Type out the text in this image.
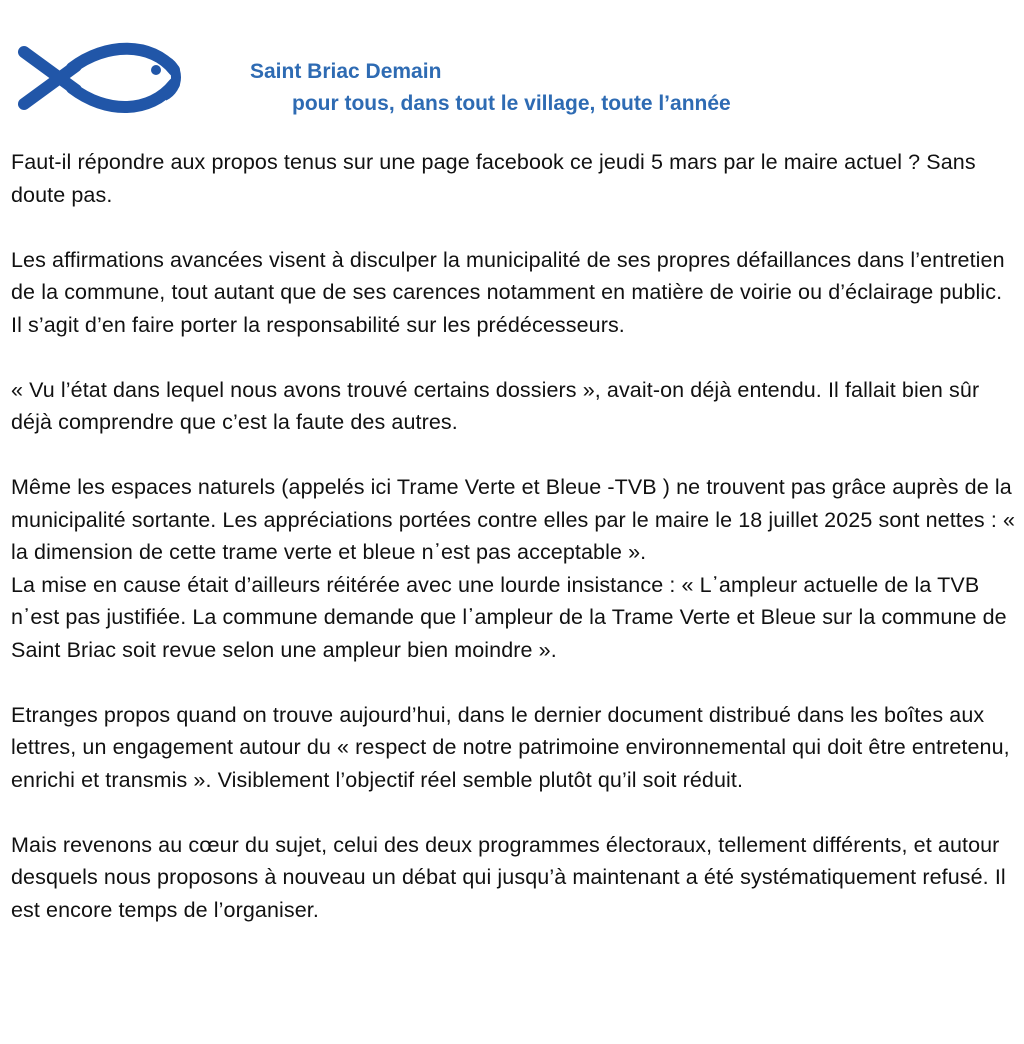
Saint Briac Demain
pour tous, dans tout le village, toute l’année

Faut-il répondre aux propos tenus sur une page facebook ce jeudi 5 mars par le maire actuel ? Sans doute pas.

Les affirmations avancées visent à disculper la municipalité de ses propres défaillances dans l’entretien de la commune, tout autant que de ses carences notamment en matière de voirie ou d’éclairage public. Il s’agit d’en faire porter la responsabilité sur les prédécesseurs.

« Vu l’état dans lequel nous avons trouvé certains dossiers », avait-on déjà entendu. Il fallait bien sûr déjà comprendre que c’est la faute des autres.

Même les espaces naturels (appelés ici Trame Verte et Bleue -TVB ) ne trouvent pas grâce auprès de la municipalité sortante. Les appréciations portées contre elles par le maire le 18 juillet 2025 sont nettes : « la dimension de cette trame verte et bleue n᾽est pas acceptable ».

La mise en cause était d’ailleurs réitérée avec une lourde insistance : « L᾽ampleur actuelle de la TVB n᾽est pas justifiée. La commune demande que l᾽ampleur de la Trame Verte et Bleue sur la commune de Saint Briac soit revue selon une ampleur bien moindre ».

Etranges propos quand on trouve aujourd’hui, dans le dernier document distribué dans les boîtes aux lettres, un engagement autour du « respect de notre patrimoine environnemental qui doit être entretenu, enrichi et transmis ». Visiblement l’objectif réel semble plutôt qu’il soit réduit.

Mais revenons au cœur du sujet, celui des deux programmes électoraux, tellement différents, et autour desquels nous proposons à nouveau un débat qui jusqu’à maintenant a été systématiquement refusé. Il est encore temps de l’organiser.
